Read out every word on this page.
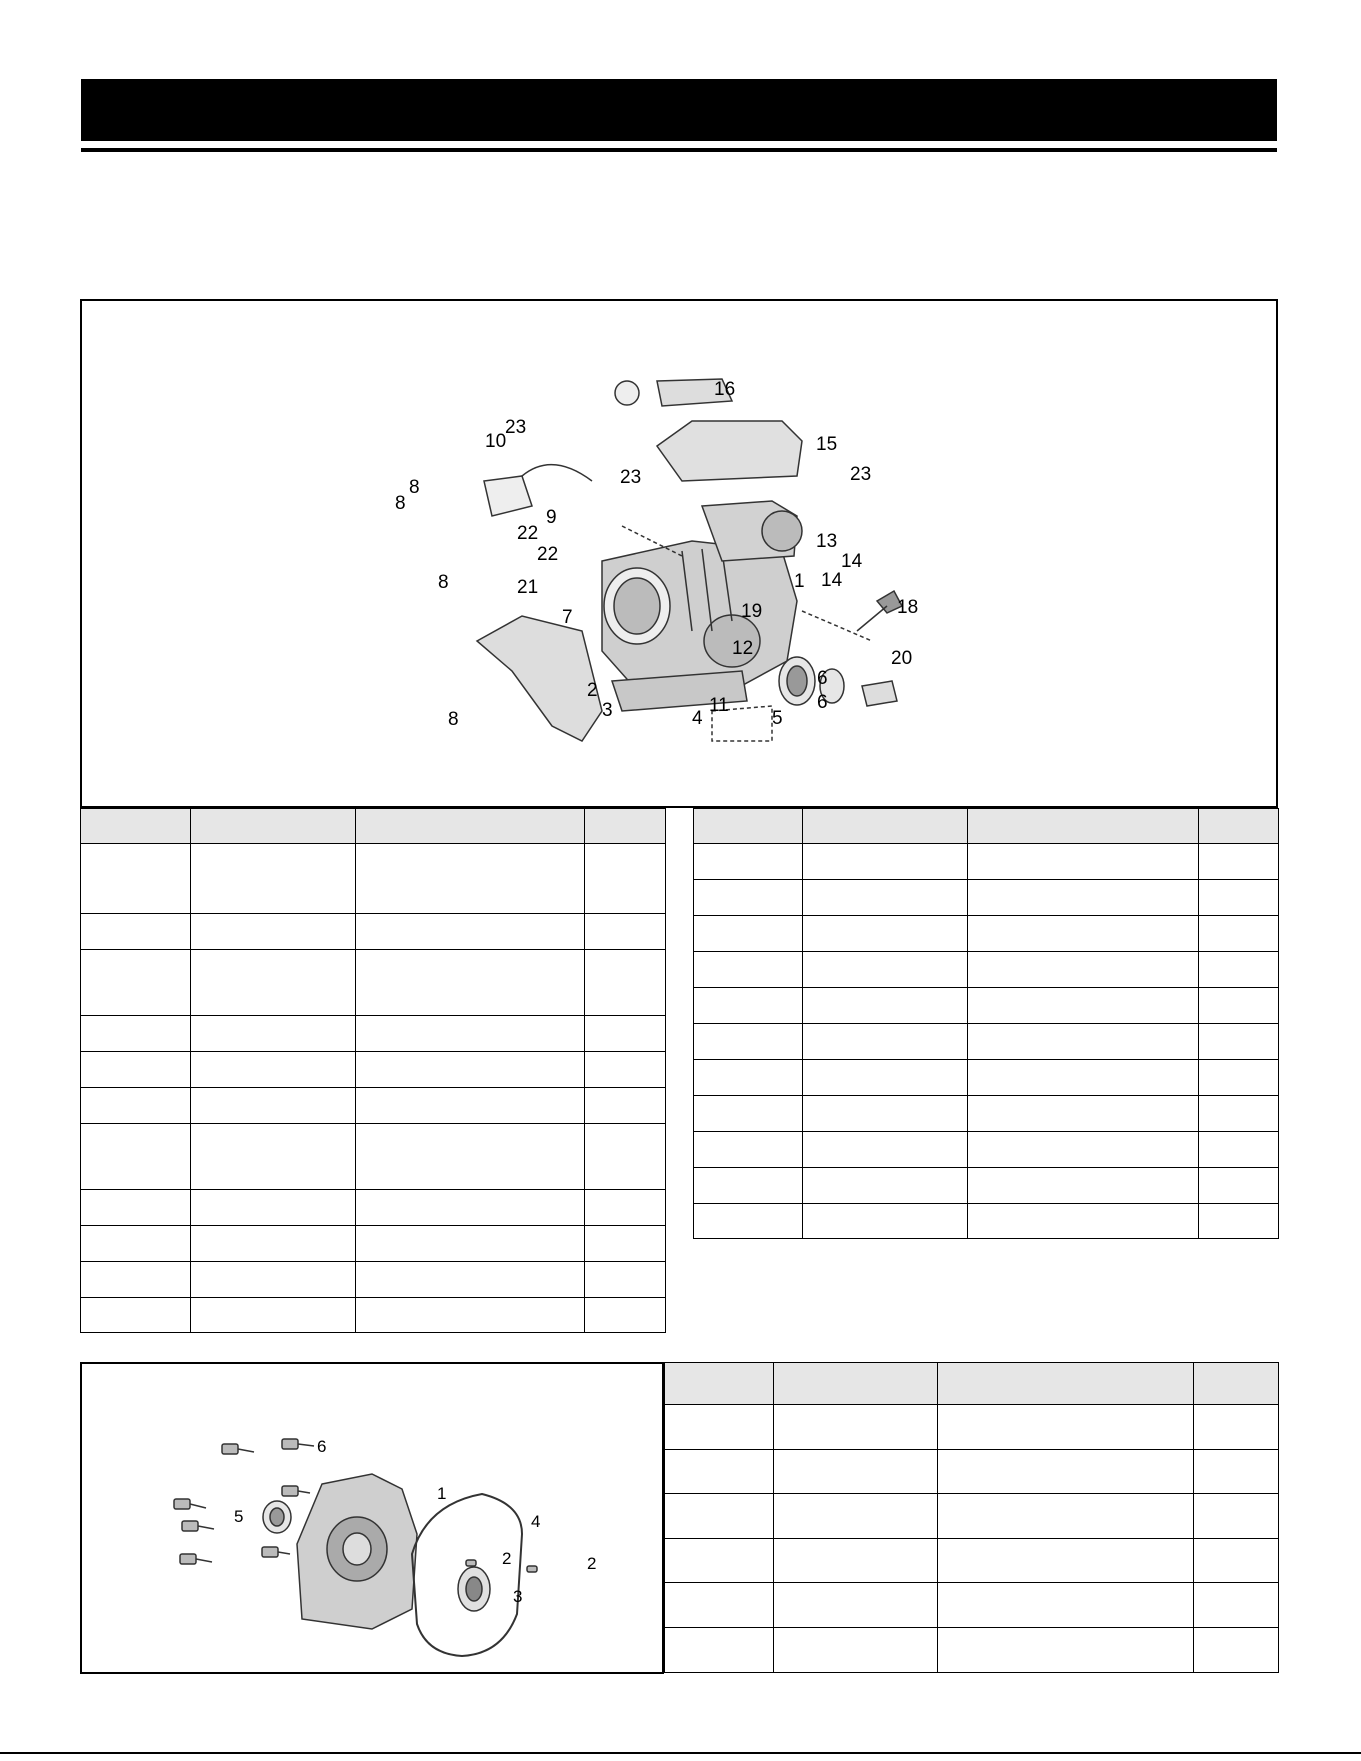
1
2
3	4	5
6
6
7
8
8
8
8
9
10
11
12
13
14
14
15
16
18
19
20
21
22
22
23
23	23

1
2	2
3
4
5
6
